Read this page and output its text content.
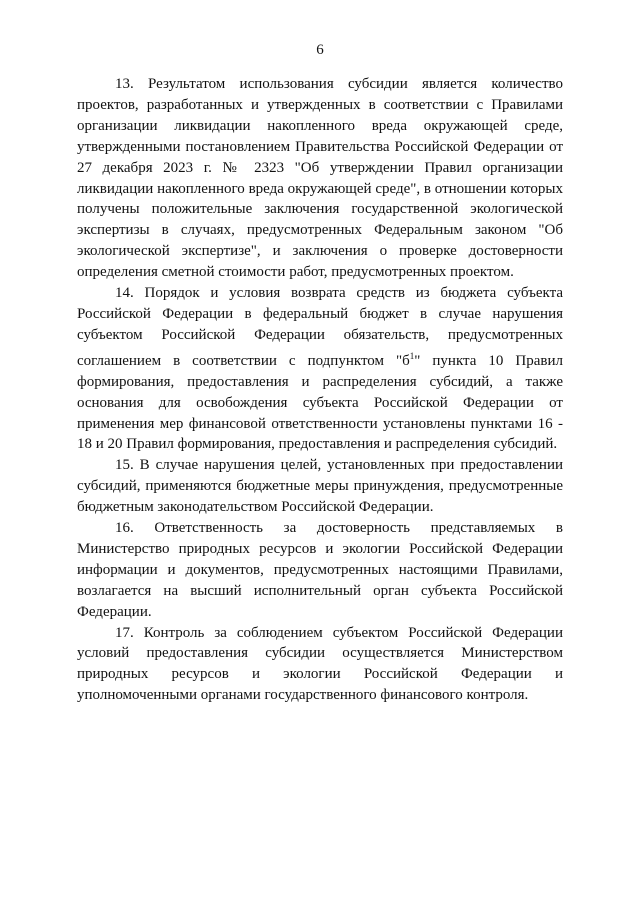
6

13. Результатом использования субсидии является количество проектов, разработанных и утвержденных в соответствии с Правилами организации ликвидации накопленного вреда окружающей среде, утвержденными постановлением Правительства Российской Федерации от 27 декабря 2023 г. № 2323 "Об утверждении Правил организации ликвидации накопленного вреда окружающей среде", в отношении которых получены положительные заключения государственной экологической экспертизы в случаях, предусмотренных Федеральным законом "Об экологической экспертизе", и заключения о проверке достоверности определения сметной стоимости работ, предусмотренных проектом.

14. Порядок и условия возврата средств из бюджета субъекта Российской Федерации в федеральный бюджет в случае нарушения субъектом Российской Федерации обязательств, предусмотренных соглашением в соответствии с подпунктом "$б^1$" пункта 10 Правил формирования, предоставления и распределения субсидий, а также основания для освобождения субъекта Российской Федерации от применения мер финансовой ответственности установлены пунктами 16 - 18 и 20 Правил формирования, предоставления и распределения субсидий.

15. В случае нарушения целей, установленных при предоставлении субсидий, применяются бюджетные меры принуждения, предусмотренные бюджетным законодательством Российской Федерации.

16. Ответственность за достоверность представляемых в Министерство природных ресурсов и экологии Российской Федерации информации и документов, предусмотренных настоящими Правилами, возлагается на высший исполнительный орган субъекта Российской Федерации.

17. Контроль за соблюдением субъектом Российской Федерации условий предоставления субсидии осуществляется Министерством природных ресурсов и экологии Российской Федерации и уполномоченными органами государственного финансового контроля.
